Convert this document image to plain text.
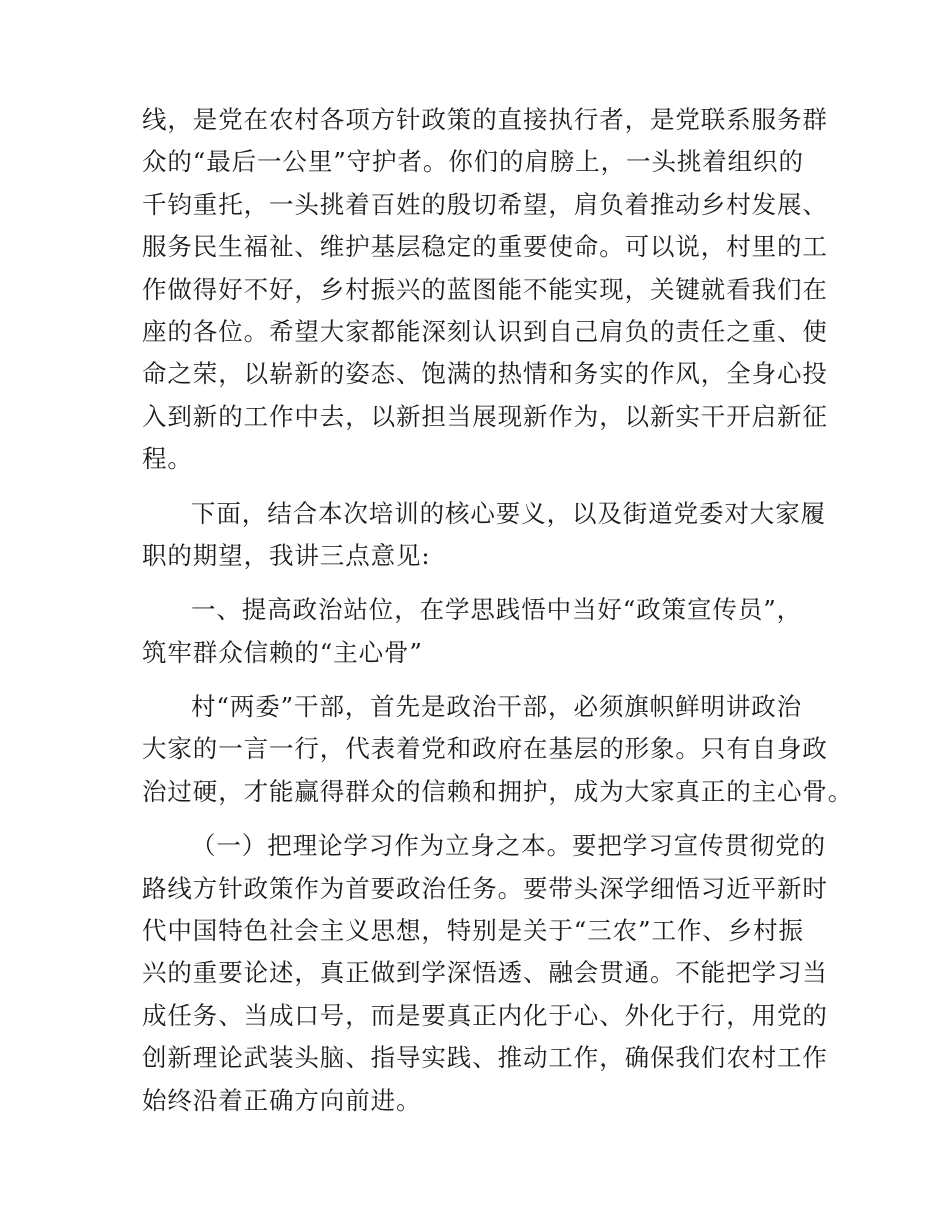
线，是党在农村各项方针政策的直接执行者，是党联系服务群
众的“最后一公里”守护者。你们的肩膀上，一头挑着组织的
千钧重托，一头挑着百姓的殷切希望，肩负着推动乡村发展、
服务民生福祉、维护基层稳定的重要使命。可以说，村里的工
作做得好不好，乡村振兴的蓝图能不能实现，关键就看我们在
座的各位。希望大家都能深刻认识到自己肩负的责任之重、使
命之荣，以崭新的姿态、饱满的热情和务实的作风，全身心投
入到新的工作中去，以新担当展现新作为，以新实干开启新征
程。
下面，结合本次培训的核心要义，以及街道党委对大家履
职的期望，我讲三点意见:
一、提高政治站位，在学思践悟中当好“政策宣传员”，
筑牢群众信赖的“主心骨”
村“两委”干部，首先是政治干部，必须旗帜鲜明讲政治
大家的一言一行，代表着党和政府在基层的形象。只有自身政
治过硬，才能赢得群众的信赖和拥护，成为大家真正的主心骨。
（一）把理论学习作为立身之本。要把学习宣传贯彻党的
路线方针政策作为首要政治任务。要带头深学细悟习近平新时
代中国特色社会主义思想，特别是关于“三农”工作、乡村振
兴的重要论述，真正做到学深悟透、融会贯通。不能把学习当
成任务、当成口号，而是要真正内化于心、外化于行，用党的
创新理论武装头脑、指导实践、推动工作，确保我们农村工作
始终沿着正确方向前进。
